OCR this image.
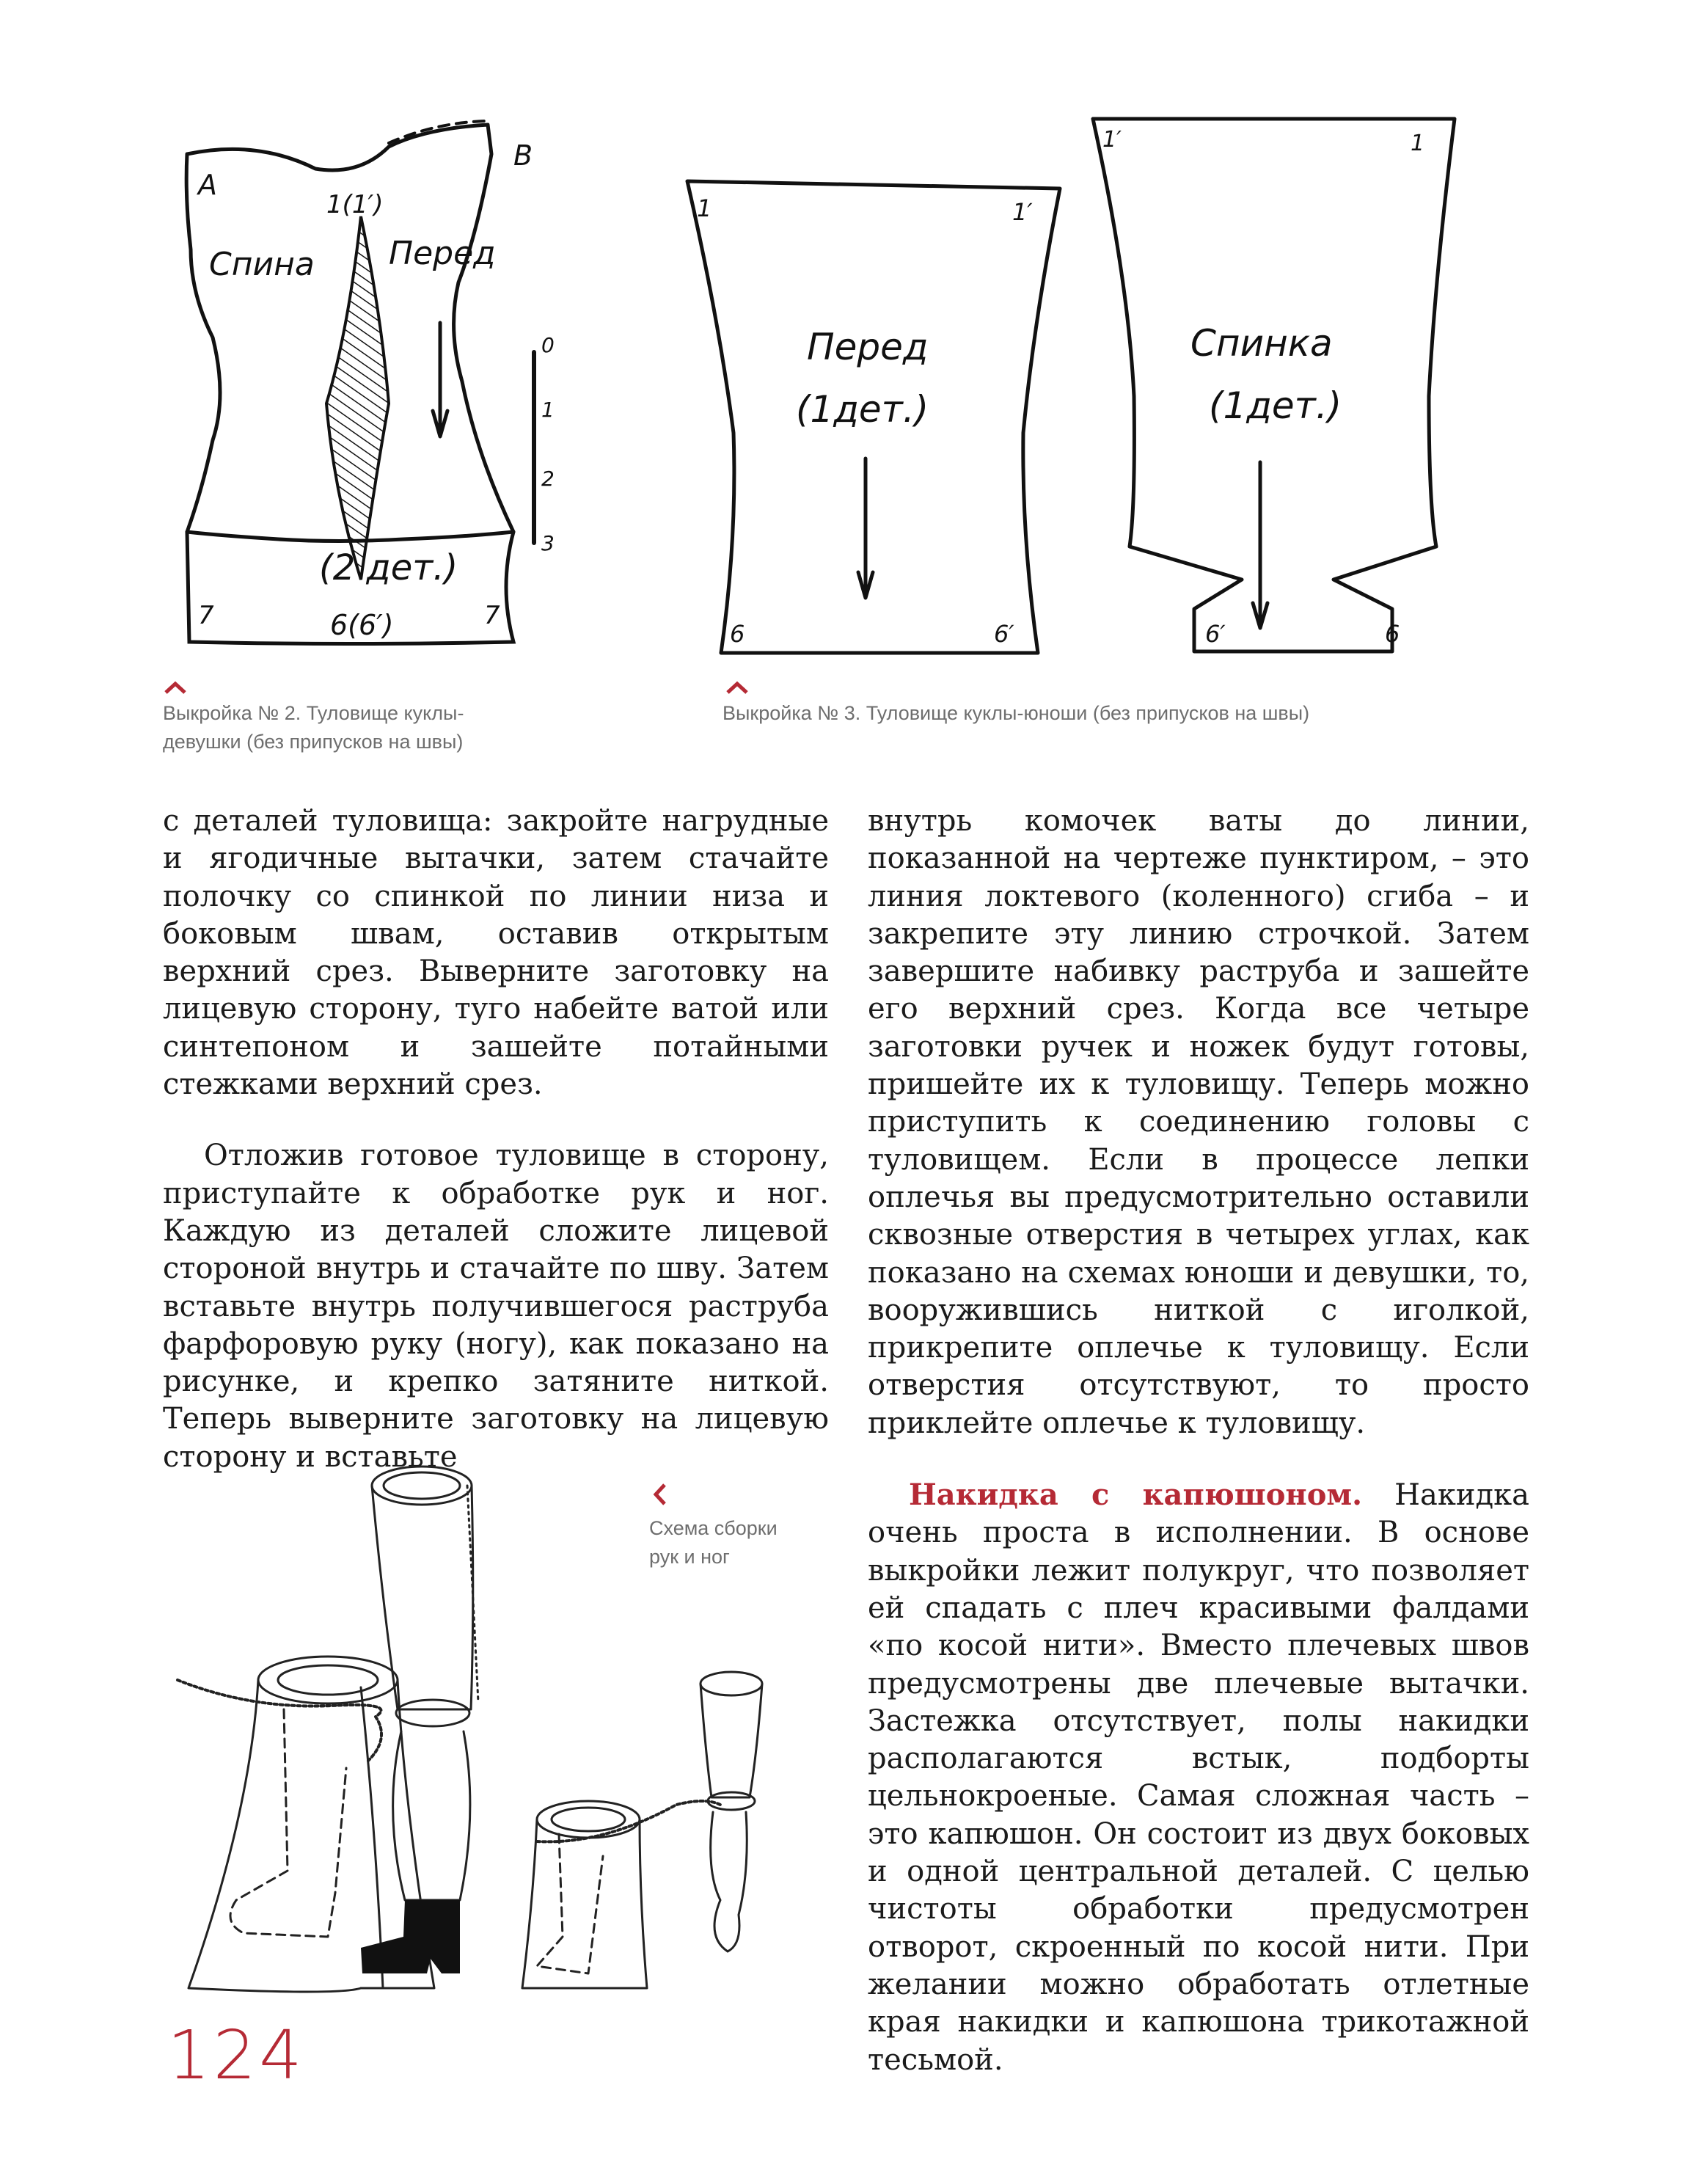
A
B
1(1′)
Спина Перед
(2 дет.)
6(6′)
7	7
0
1
2
3
Выкройка № 2. Туловище куклы-
девушки (без припусков на швы)
1	1′
6	6′
Перед
(1дет.)
1′	1
6′	6
Спинка
(1дет.)
Выкройка № 3. Туловище куклы-юноши (без припусков на швы)

с деталей туловища: закройте нагрудные и ягодичные вытачки, затем стачайте полочку со спинкой по линии низа и боковым швам, оставив открытым верхний срез. Выверните заготовку на лицевую сторону, туго набейте ватой или синтепоном и зашейте потайными стежками верхний срез.

Отложив готовое туловище в сторону, приступайте к обработке рук и ног. Каждую из деталей сложите лицевой стороной внутрь и стачайте по шву. Затем вставьте внутрь получившегося раструба фарфоровую руку (ногу), как показано на рисунке, и крепко затяните ниткой. Теперь выверните заготовку на лицевую сторону и вставьте

внутрь комочек ваты до линии, показанной на чертеже пунктиром, – это линия локтевого (коленного) сгиба – и закрепите эту линию строчкой. Затем завершите набивку раструба и зашейте его верхний срез. Когда все четыре заготовки ручек и ножек будут готовы, пришейте их к туловищу. Теперь можно приступить к соединению головы с туловищем. Если в процессе лепки оплечья вы предусмотрительно оставили сквозные отверстия в четырех углах, как показано на схемах юноши и девушки, то, вооружившись ниткой с иголкой, прикрепите оплечье к туловищу. Если отверстия отсутствуют, то просто приклейте оплечье к туловищу.

Накидка с капюшоном. Накидка очень проста в исполнении. В основе выкройки лежит полукруг, что позволяет ей спадать с плеч красивыми фалдами «по косой нити». Вместо плечевых швов предусмотрены две плечевые вытачки. Застежка отсутствует, полы накидки располагаются встык, подборты цельнокроеные. Самая сложная часть – это капюшон. Он состоит из двух боковых и одной центральной деталей. С целью чистоты обработки предусмотрен отворот, скроенный по косой нити. При желании можно обработать отлетные края накидки и капюшона трикотажной тесьмой.

Схема сборки
рук и ног
124
